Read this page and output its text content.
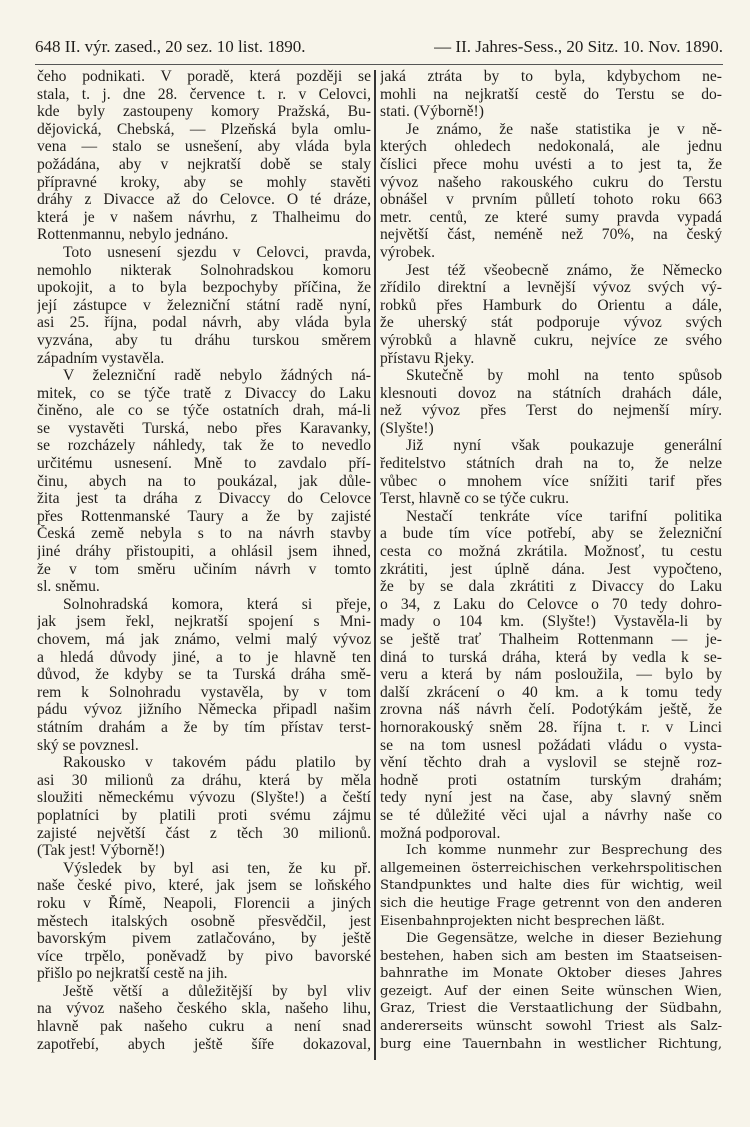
648 II. výr. zased., 20 sez. 10 list. 1890.	— II. Jahres-Sess., 20 Sitz. 10. Nov. 1890.
čeho podnikati. V poradě, která později se
stala, t. j. dne 28. července t. r. v Celovci,
kde byly zastoupeny komory Pražská, Bu-
dějovická, Chebská, — Plzeňská byla omlu-
vena — stalo se usnešení, aby vláda byla
požádána, aby v nejkratší době se staly
přípravné kroky, aby se mohly stavěti
dráhy z Divacce až do Celovce. O té dráze,
která je v našem návrhu, z Thalheimu do
Rottenmannu, nebylo jednáno.
Toto usnesení sjezdu v Celovci, pravda,
nemohlo nikterak Solnohradskou komoru
upokojit, a to byla bezpochyby příčina, že
její zástupce v železniční státní radě nyní,
asi 25. října, podal návrh, aby vláda byla
vyzvána, aby tu dráhu turskou směrem
západním vystavěla.
V železniční radě nebylo žádných ná-
mitek, co se týče tratě z Divaccy do Laku
činěno, ale co se týče ostatních drah, má-li
se vystavěti Turská, nebo přes Karavanky,
se rozcházely náhledy, tak že to nevedlo
určitému usnesení. Mně to zavdalo pří-
činu, abych na to poukázal, jak důle-
žita jest ta dráha z Divaccy do Celovce
přes Rottenmanské Taury a že by zajisté
Česká země nebyla s to na návrh stavby
jiné dráhy přistoupiti, a ohlásil jsem ihned,
že v tom směru učiním návrh v tomto
sl. sněmu.
Solnohradská komora, která si přeje,
jak jsem řekl, nejkratší spojení s Mni-
chovem, má jak známo, velmi malý vývoz
a hledá důvody jiné, a to je hlavně ten
důvod, že kdyby se ta Turská dráha smě-
rem k Solnohradu vystavěla, by v tom
pádu vývoz jižního Německa připadl našim
státním drahám a že by tím přístav terst-
ský se povznesl.
Rakousko v takovém pádu platilo by
asi 30 milionů za dráhu, která by měla
sloužiti německému vývozu (Slyšte!) a čeští
poplatníci by platili proti svému zájmu
zajisté největší část z těch 30 milionů.
(Tak jest! Výborně!)
Výsledek by byl asi ten, že ku př.
naše české pivo, které, jak jsem se loňského
roku v Římě, Neapoli, Florencii a jiných
městech italských osobně přesvědčil, jest
bavorským pivem zatlačováno, by ještě
více trpělo, poněvadž by pivo bavorské
přišlo po nejkratší cestě na jih.
Ještě větší a důležitější by byl vliv
na vývoz našeho českého skla, našeho lihu,
hlavně pak našeho cukru a není snad
zapotřebí, abych ještě šíře dokazoval,
jaká ztráta by to byla, kdybychom ne-
mohli na nejkratší cestě do Terstu se do-
stati. (Výborně!)
Je známo, že naše statistika je v ně-
kterých ohledech nedokonalá, ale jednu
číslici přece mohu uvésti a to jest ta, že
vývoz našeho rakouského cukru do Terstu
obnášel v prvním půlletí tohoto roku 663
metr. centů, ze které sumy pravda vypadá
největší část, neméně než 70%, na český
výrobek.
Jest též všeobecně známo, že Německo
zřídilo direktní a levnější vývoz svých vý-
robků přes Hamburk do Orientu a dále,
že uherský stát podporuje vývoz svých
výrobků a hlavně cukru, nejvíce ze svého
přístavu Rjeky.
Skutečně by mohl na tento spůsob
klesnouti dovoz na státních drahách dále,
než vývoz přes Terst do nejmenší míry.
(Slyšte!)
Již nyní však poukazuje generální
ředitelstvo státních drah na to, že nelze
vůbec o mnohem více snížiti tarif přes
Terst, hlavně co se týče cukru.
Nestačí tenkráte více tarifní politika
a bude tím více potřebí, aby se železniční
cesta co možná zkrátila. Možnosť, tu cestu
zkrátiti, jest úplně dána. Jest vypočteno,
že by se dala zkrátiti z Divaccy do Laku
o 34, z Laku do Celovce o 70 tedy dohro-
mady o 104 km. (Slyšte!) Vystavěla-li by
se ještě trať Thalheim Rottenmann — je-
diná to turská dráha, která by vedla k se-
veru a která by nám posloužila, — bylo by
další zkrácení o 40 km. a k tomu tedy
zrovna náš návrh čelí. Podotýkám ještě, že
hornorakouský sněm 28. října t. r. v Linci
se na tom usnesl požádati vládu o vysta-
vění těchto drah a vyslovil se stejně roz-
hodně proti ostatním turským drahám;
tedy nyní jest na čase, aby slavný sněm
se té důležité věci ujal a návrhy naše co
možná podporoval.
Ich komme nunmehr zur Besprechung des
allgemeinen österreichischen verkehrspolitischen
Standpunktes und halte dies für wichtig, weil
sich die heutige Frage getrennt von den anderen
Eisenbahnprojekten nicht besprechen läßt.
Die Gegensätze, welche in dieser Beziehung
bestehen, haben sich am besten im Staatseisen-
bahnrathe im Monate Oktober dieses Jahres
gezeigt. Auf der einen Seite wünschen Wien,
Graz, Triest die Verstaatlichung der Südbahn,
andererseits wünscht sowohl Triest als Salz-
burg eine Tauernbahn in westlicher Richtung,
